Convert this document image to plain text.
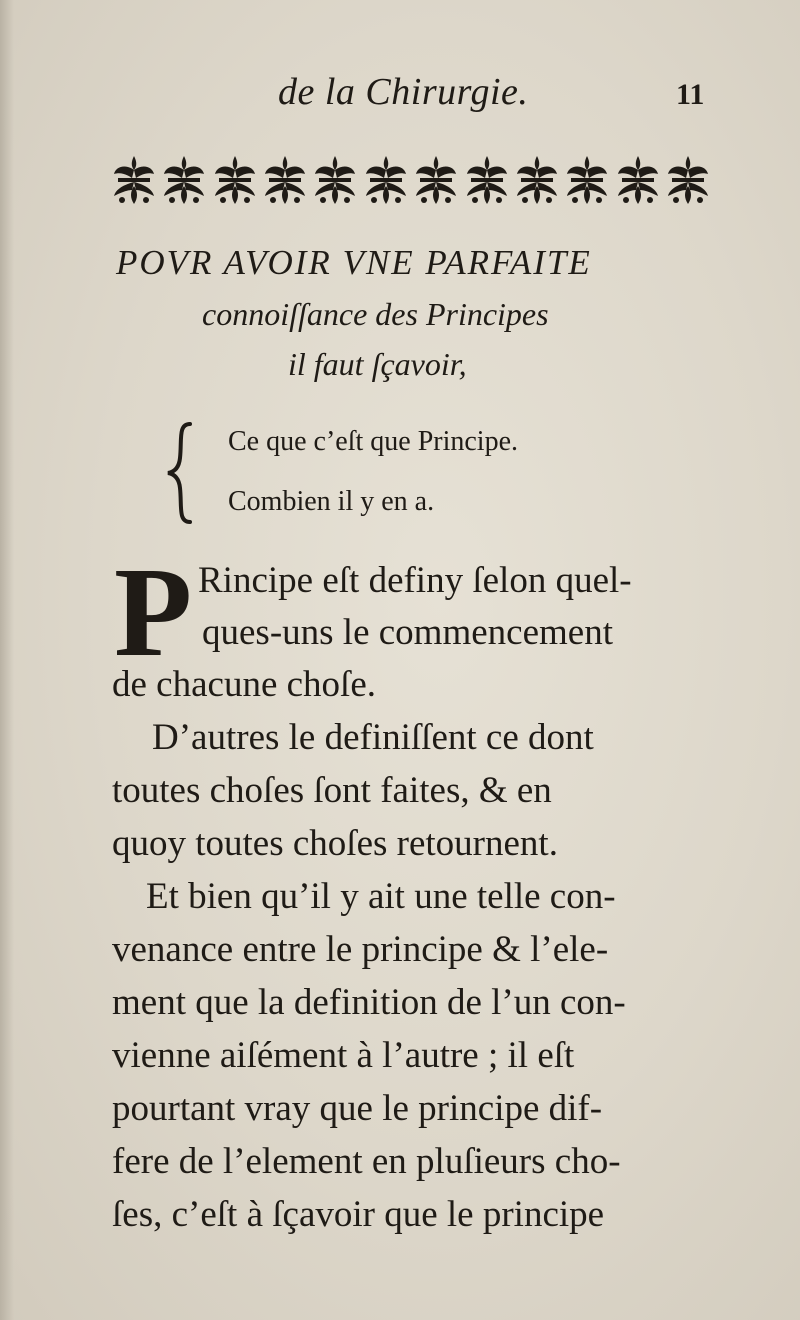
de la Chirurgie.	11
POVR AVOIR VNE PARFAITE
connoiſſance des Principes
il faut ſçavoir,
Ce que c’eſt que Principe.
Combien il y en a.
P Rincipe eſt definy ſelon quel-
ques-uns le commencement
de chacune choſe.
D’autres le definiſſent ce dont
toutes choſes ſont faites, & en
quoy toutes choſes retournent.
Et bien qu’il y ait une telle con-
venance entre le principe & l’ele-
ment que la definition de l’un con-
vienne aiſément à l’autre ; il eſt
pourtant vray que le principe dif-
fere de l’element en pluſieurs cho-
ſes, c’eſt à ſçavoir que le principe
